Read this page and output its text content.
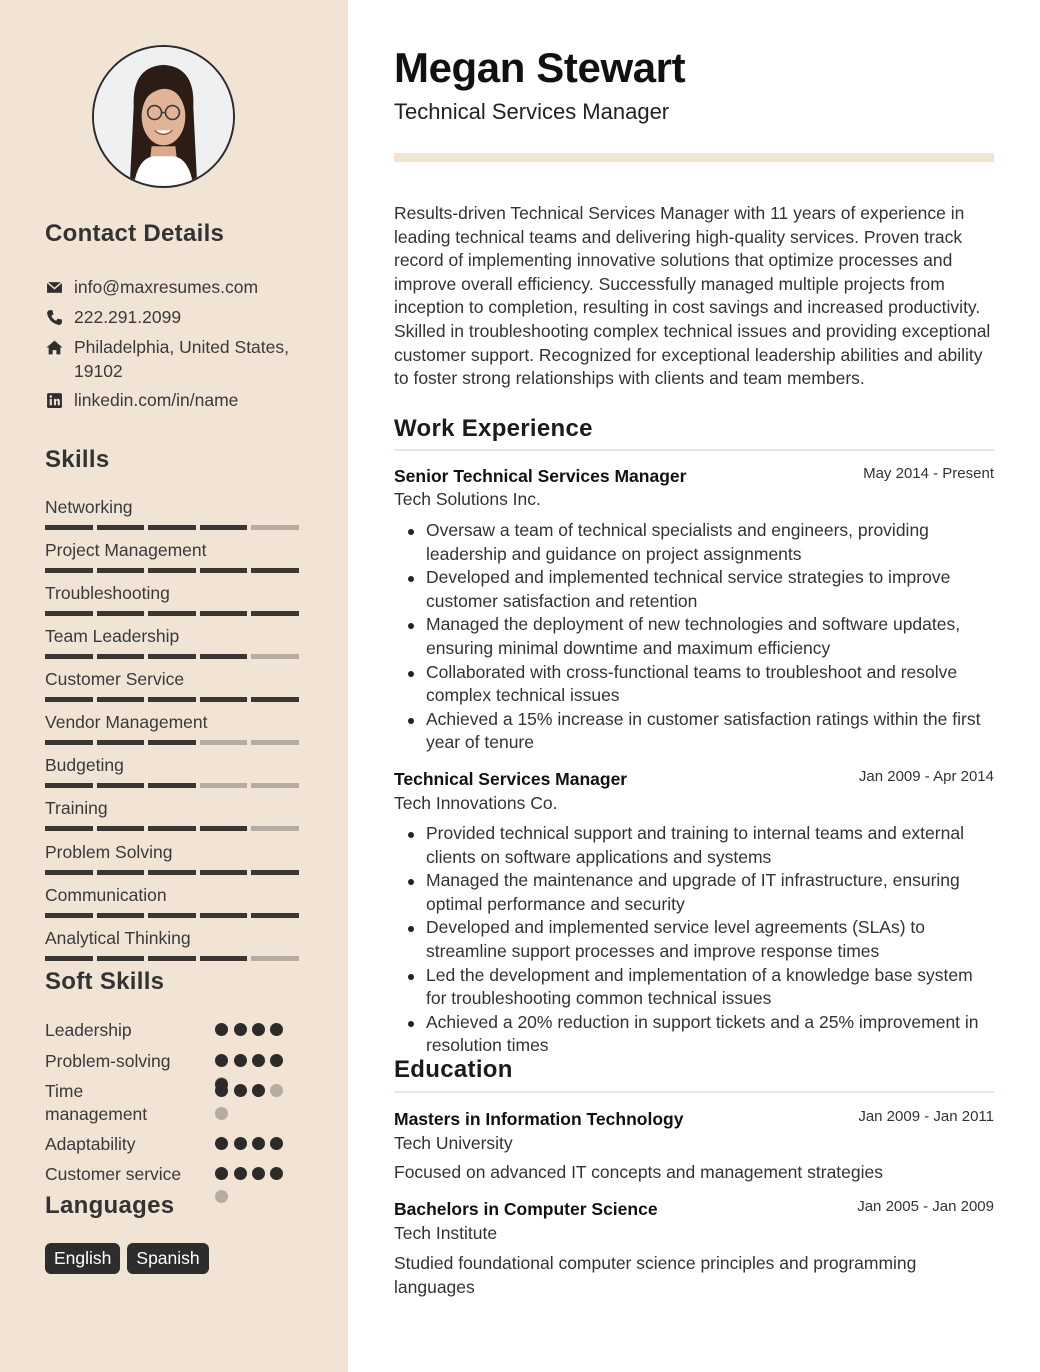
Contact Details
info@maxresumes.com
222.291.2099
Philadelphia, United States, 19102
linkedin.com/in/name
Skills
Networking
Project Management
Troubleshooting
Team Leadership
Customer Service
Vendor Management
Budgeting
Training
Problem Solving
Communication
Analytical Thinking
Soft Skills
Leadership
Problem-solving
Time management
Adaptability
Customer service
Languages
English	Spanish
Megan Stewart
Technical Services Manager
Results-driven Technical Services Manager with 11 years of experience in leading technical teams and delivering high-quality services. Proven track record of implementing innovative solutions that optimize processes and improve overall efficiency. Successfully managed multiple projects from inception to completion, resulting in cost savings and increased productivity. Skilled in troubleshooting complex technical issues and providing exceptional customer support. Recognized for exceptional leadership abilities and ability to foster strong relationships with clients and team members.
Work Experience
Senior Technical Services Manager	May 2014 - Present
Tech Solutions Inc.
Oversaw a team of technical specialists and engineers, providing leadership and guidance on project assignments
Developed and implemented technical service strategies to improve customer satisfaction and retention
Managed the deployment of new technologies and software updates, ensuring minimal downtime and maximum efficiency
Collaborated with cross-functional teams to troubleshoot and resolve complex technical issues
Achieved a 15% increase in customer satisfaction ratings within the first year of tenure
Technical Services Manager	Jan 2009 - Apr 2014
Tech Innovations Co.
Provided technical support and training to internal teams and external clients on software applications and systems
Managed the maintenance and upgrade of IT infrastructure, ensuring optimal performance and security
Developed and implemented service level agreements (SLAs) to streamline support processes and improve response times
Led the development and implementation of a knowledge base system for troubleshooting common technical issues
Achieved a 20% reduction in support tickets and a 25% improvement in resolution times
Education
Masters in Information Technology	Jan 2009 - Jan 2011
Tech University
Focused on advanced IT concepts and management strategies
Bachelors in Computer Science	Jan 2005 - Jan 2009
Tech Institute
Studied foundational computer science principles and programming languages
